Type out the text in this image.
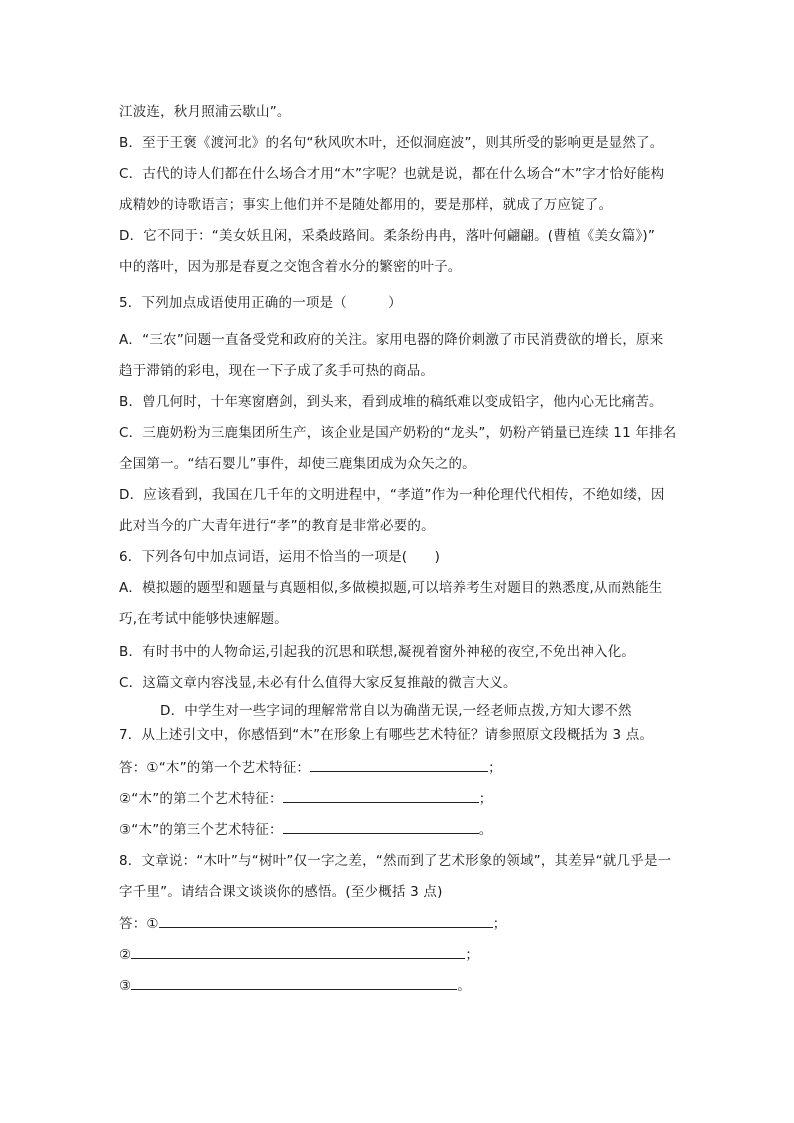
江波连，秋月照浦云歇山”。
B．至于王褒《渡河北》的名句“秋风吹木叶，还似洞庭波”，则其所受的影响更是显然了。
C．古代的诗人们都在什么场合才用“木”字呢？也就是说，都在什么场合“木”字才恰好能构
成精妙的诗歌语言；事实上他们并不是随处都用的，要是那样，就成了万应锭了。
D．它不同于：“美女妖且闲，采桑歧路间。柔条纷冉冉，落叶何翩翩。(曹植《美女篇》)”
中的落叶，因为那是春夏之交饱含着水分的繁密的叶子。
5．下列加点成语使用正确的一项是（　　　）
A．“三农”问题一直备受党和政府的关注。家用电器的降价刺激了市民消费欲的增长，原来
趋于滞销的彩电，现在一下子成了炙手可热的商品。
B．曾几何时，十年寒窗磨剑，到头来，看到成堆的稿纸难以变成铅字，他内心无比痛苦。
C．三鹿奶粉为三鹿集团所生产，该企业是国产奶粉的“龙头”，奶粉产销量已连续 11 年排名
全国第一。“结石婴儿”事件，却使三鹿集团成为众矢之的。
D．应该看到，我国在几千年的文明进程中，“孝道”作为一种伦理代代相传，不绝如缕，因
此对当今的广大青年进行“孝”的教育是非常必要的。
6．下列各句中加点词语，运用不恰当的一项是(　　)
A．模拟题的题型和题量与真题相似,多做模拟题,可以培养考生对题目的熟悉度,从而熟能生
巧,在考试中能够快速解题。
B．有时书中的人物命运,引起我的沉思和联想,凝视着窗外神秘的夜空,不免出神入化。
C．这篇文章内容浅显,未必有什么值得大家反复推敲的微言大义。
D．中学生对一些字词的理解常常自以为确凿无误,一经老师点拨,方知大谬不然
7．从上述引文中，你感悟到“木”在形象上有哪些艺术特征？请参照原文段概括为 3 点。
答：①“木”的第一个艺术特征：	；
②“木”的第二个艺术特征：	；
③“木”的第三个艺术特征：	。
8．文章说：“木叶”与“树叶”仅一字之差，“然而到了艺术形象的领域”，其差异“就几乎是一
字千里”。请结合课文谈谈你的感悟。(至少概括 3 点)
答：①	；
②	；
③	。
